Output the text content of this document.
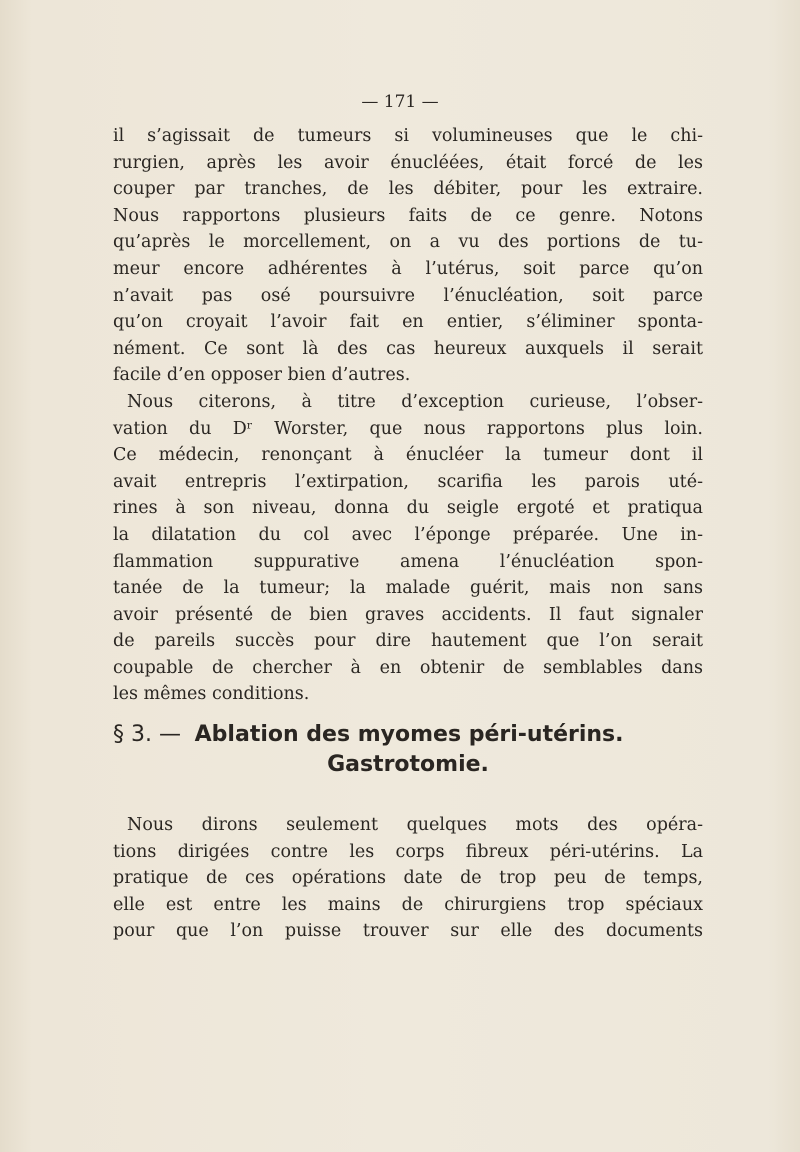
— 171 —
il s’agissait de tumeurs si volumineuses que le chi-
rurgien, après les avoir énucléées, était forcé de les
couper par tranches, de les débiter, pour les extraire.
Nous rapportons plusieurs faits de ce genre. Notons
qu’après le morcellement, on a vu des portions de tu-
meur encore adhérentes à l’utérus, soit parce qu’on
n’avait pas osé poursuivre l’énucléation, soit parce
qu’on croyait l’avoir fait en entier, s’éliminer sponta-
nément. Ce sont là des cas heureux auxquels il serait
facile d’en opposer bien d’autres.
Nous citerons, à titre d’exception curieuse, l’obser-
vation du Dʳ Worster, que nous rapportons plus loin.
Ce médecin, renonçant à énucléer la tumeur dont il
avait entrepris l’extirpation, scarifia les parois uté-
rines à son niveau, donna du seigle ergoté et pratiqua
la dilatation du col avec l’éponge préparée. Une in-
flammation suppurative amena l’énucléation spon-
tanée de la tumeur; la malade guérit, mais non sans
avoir présenté de bien graves accidents. Il faut signaler
de pareils succès pour dire hautement que l’on serait
coupable de chercher à en obtenir de semblables dans
les mêmes conditions.
§ 3. — Ablation des myomes péri-utérins.
Gastrotomie.
Nous dirons seulement quelques mots des opéra-
tions dirigées contre les corps fibreux péri-utérins. La
pratique de ces opérations date de trop peu de temps,
elle est entre les mains de chirurgiens trop spéciaux
pour que l’on puisse trouver sur elle des documents
